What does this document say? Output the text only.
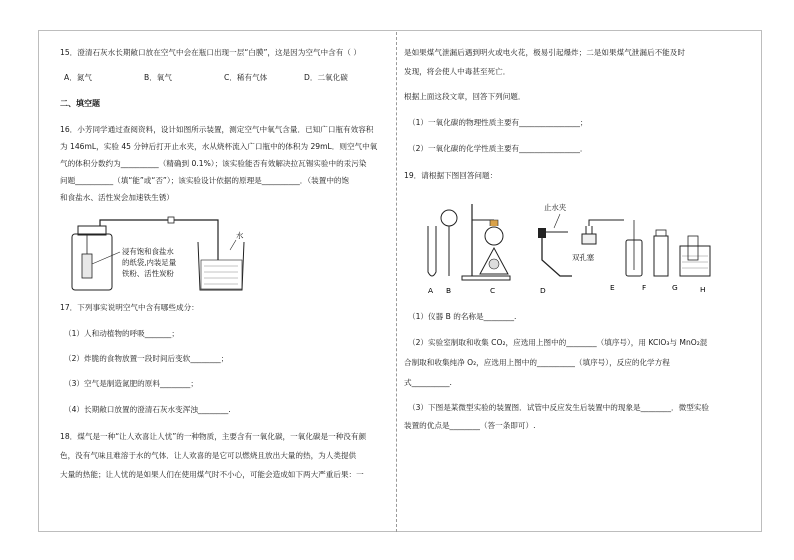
15．澄清石灰水长期敞口放在空气中会在瓶口出现一层“白膜”，这是因为空气中含有（ ）
A．氮气	B．氧气	C．稀有气体	D．二氧化碳
二、填空题
16．小芳同学通过查阅资料，设计如图所示装置，测定空气中氧气含量．已知广口瓶有效容积
为 146mL，实验 45 分钟后打开止水夹，水从烧杯流入广口瓶中的体积为 29mL．则空气中氧
气的体积分数约为__________（精确到 0.1%）；该实验能否有效解决拉瓦锡实验中的汞污染
问题__________（填“能”或“否”）；该实验设计依据的原理是__________．（装置中的饱
和食盐水、活性炭会加速铁生锈）
浸有饱和食盐水
的纸袋,内装足量
铁粉、活性炭粉
水
17．下列事实说明空气中含有哪些成分：
（1）人和动植物的呼吸_______；
（2）炸脆的食物放置一段时间后变软________；
（3）空气是制造氮肥的原料________；
（4）长期敞口放置的澄清石灰水变浑浊________.
18．煤气是一种“让人欢喜让人忧”的一种物质，主要含有一氧化碳，一氧化碳是一种没有颜
色，没有气味且难溶于水的气体．让人欢喜的是它可以燃烧且放出大量的热，为人类提供
大量的热能；让人忧的是如果人们在使用煤气时不小心，可能会造成如下两大严重后果：一
是如果煤气泄漏后遇到明火或电火花，极易引起爆炸；二是如果煤气泄漏后不能及时
发现，将会使人中毒甚至死亡．
根据上面这段文章，回答下列问题．
（1）一氧化碳的物理性质主要有________________；
（2）一氧化碳的化学性质主要有________________．
19．请根据下图回答问题：
止水夹
双孔塞
A B	C	D	E	F	G	H
（1）仪器 B 的名称是________.
（2）实验室制取和收集 CO₂，应选用上图中的________（填序号），用 KClO₃与 MnO₂混
合制取和收集纯净 O₂，应选用上图中的__________（填序号），反应的化学方程
式__________.
（3）下图是某微型实验的装置图．试管中反应发生后装置中的现象是________．微型实验
装置的优点是________（答一条即可）.
